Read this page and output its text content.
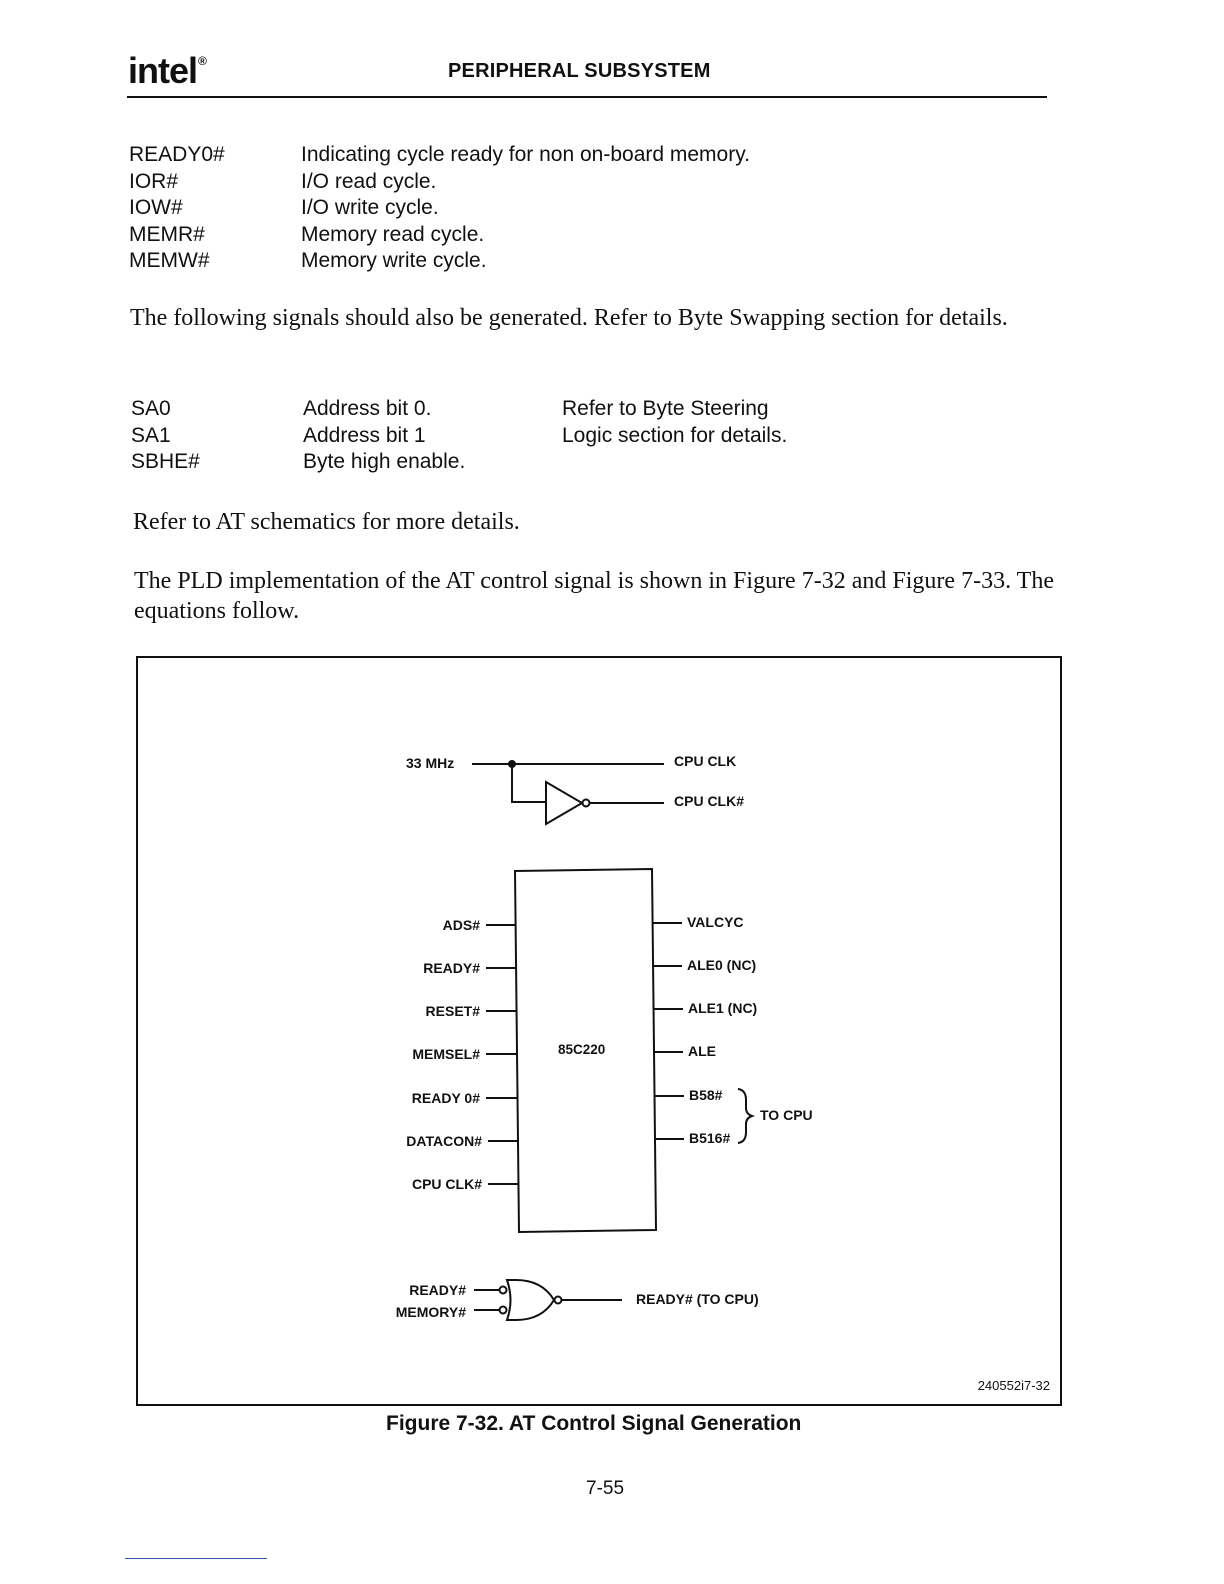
intel®	PERIPHERAL SUBSYSTEM
READY0#	Indicating cycle ready for non on-board memory.
IOR#	I/O read cycle.
IOW#	I/O write cycle.
MEMR#	Memory read cycle.
MEMW#	Memory write cycle.

The following signals should also be generated. Refer to Byte Swapping section for details.

SA0	Address bit 0.	Refer to Byte Steering
SA1	Address bit 1	Logic section for details.
SBHE#	Byte high enable.

Refer to AT schematics for more details.

The PLD implementation of the AT control signal is shown in Figure 7-32 and Figure 7-33. The equations follow.

33 MHz	CPU CLK
CPU CLK#
85C220
ADS#
READY#
RESET#
MEMSEL#
READY 0#
DATACON#
CPU CLK#
VALCYC
ALE0 (NC)
ALE1 (NC)
ALE
B58#
B516#
TO CPU
READY#
MEMORY#
READY# (TO CPU)
240552i7-32
Figure 7-32. AT Control Signal Generation
7-55
